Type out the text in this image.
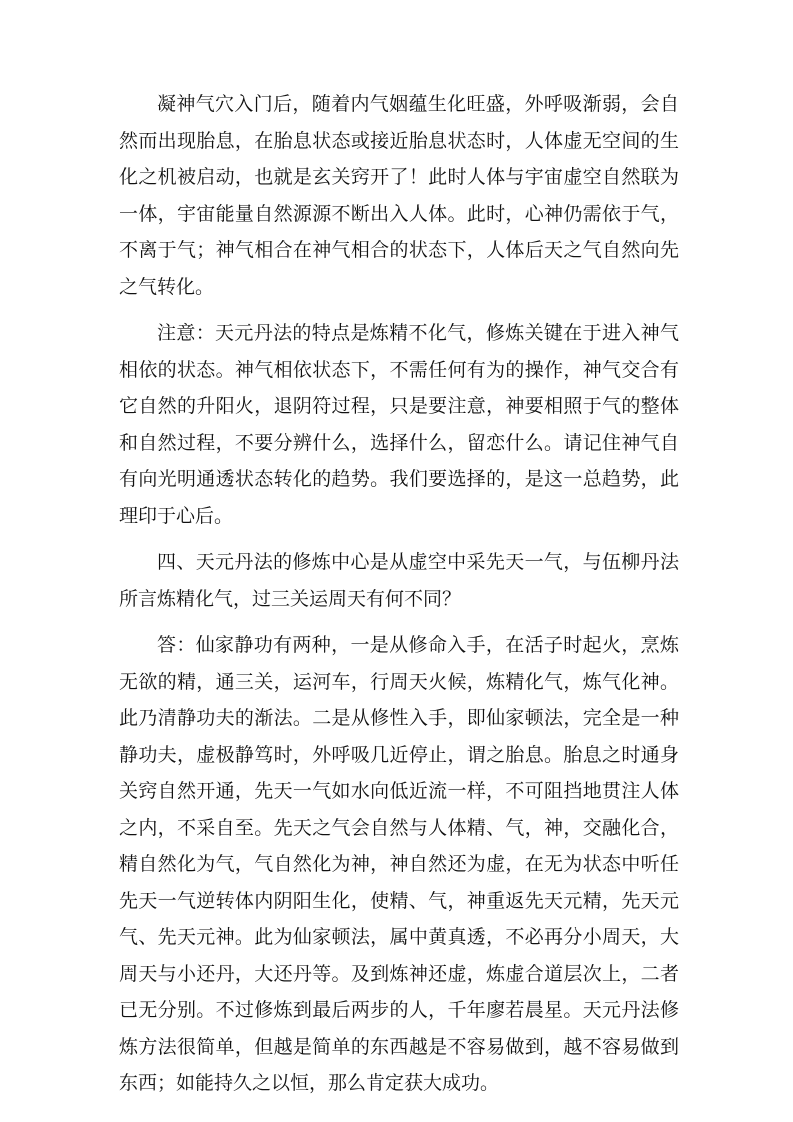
凝神气穴入门后，随着内气姻蕴生化旺盛，外呼吸渐弱，会自然而出现胎息，在胎息状态或接近胎息状态时，人体虚无空间的生化之机被启动，也就是玄关窍开了！此时人体与宇宙虚空自然联为一体，宇宙能量自然源源不断出入人体。此时，心神仍需依于气，不离于气；神气相合在神气相合的状态下，人体后天之气自然向先之气转化。

注意：天元丹法的特点是炼精不化气，修炼关键在于进入神气相依的状态。神气相依状态下，不需任何有为的操作，神气交合有它自然的升阳火，退阴符过程，只是要注意，神要相照于气的整体和自然过程，不要分辨什么，选择什么，留恋什么。请记住神气自有向光明通透状态转化的趋势。我们要选择的，是这一总趋势，此理印于心后。

四、天元丹法的修炼中心是从虚空中采先天一气，与伍柳丹法所言炼精化气，过三关运周天有何不同？

答：仙家静功有两种，一是从修命入手，在活子时起火，烹炼无欲的精，通三关，运河车，行周天火候，炼精化气，炼气化神。此乃清静功夫的渐法。二是从修性入手，即仙家顿法，完全是一种静功夫，虚极静笃时，外呼吸几近停止，谓之胎息。胎息之时通身关窍自然开通，先天一气如水向低近流一样，不可阻挡地贯注人体之内，不采自至。先天之气会自然与人体精、气，神，交融化合，精自然化为气，气自然化为神，神自然还为虚，在无为状态中听任先天一气逆转体内阴阳生化，使精、气，神重返先天元精，先天元气、先天元神。此为仙家顿法，属中黄真透，不必再分小周天，大周天与小还丹，大还丹等。及到炼神还虚，炼虚合道层次上，二者已无分别。不过修炼到最后两步的人，千年廖若晨星。天元丹法修炼方法很简单，但越是简单的东西越是不容易做到，越不容易做到东西；如能持久之以恒，那么肯定获大成功。
